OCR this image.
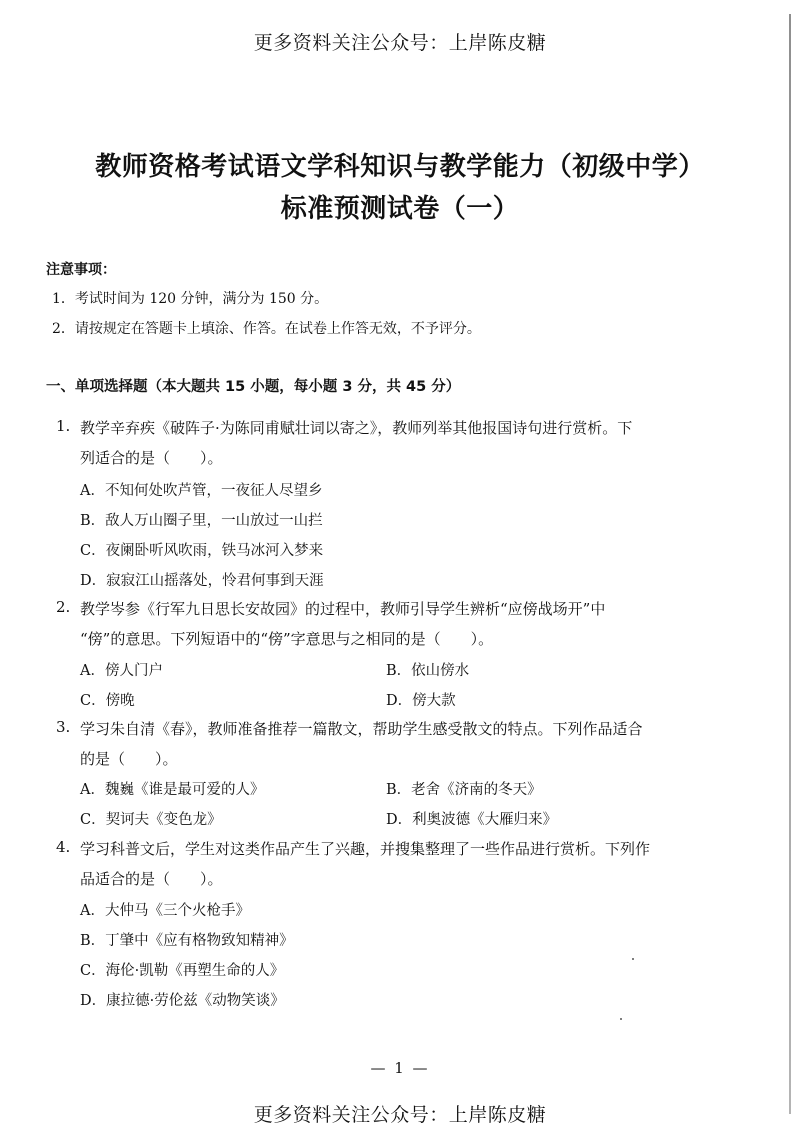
更多资料关注公众号：上岸陈皮糖
教师资格考试语文学科知识与教学能力（初级中学）
标准预测试卷（一）
注意事项：
1．考试时间为 120 分钟，满分为 150 分。
2．请按规定在答题卡上填涂、作答。在试卷上作答无效，不予评分。
一、单项选择题（本大题共 15 小题，每小题 3 分，共 45 分）
1. 教学辛弃疾《破阵子·为陈同甫赋壮词以寄之》，教师列举其他报国诗句进行赏析。下
列适合的是（　　）。
A．不知何处吹芦管，一夜征人尽望乡
B．敌人万山圈子里，一山放过一山拦
C．夜阑卧听风吹雨，铁马冰河入梦来
D．寂寂江山摇落处，怜君何事到天涯
2. 教学岑参《行军九日思长安故园》的过程中，教师引导学生辨析“应傍战场开”中
“傍”的意思。下列短语中的“傍”字意思与之相同的是（　　）。
A．傍人门户	B．依山傍水
C．傍晚	D．傍大款
3. 学习朱自清《春》，教师准备推荐一篇散文，帮助学生感受散文的特点。下列作品适合
的是（　　）。
A．魏巍《谁是最可爱的人》	B．老舍《济南的冬天》
C．契诃夫《变色龙》	D．利奥波德《大雁归来》
4. 学习科普文后，学生对这类作品产生了兴趣，并搜集整理了一些作品进行赏析。下列作
品适合的是（　　）。
A．大仲马《三个火枪手》
B．丁肇中《应有格物致知精神》
C．海伦·凯勒《再塑生命的人》
D．康拉德·劳伦兹《动物笑谈》
— 1 —
更多资料关注公众号：上岸陈皮糖
